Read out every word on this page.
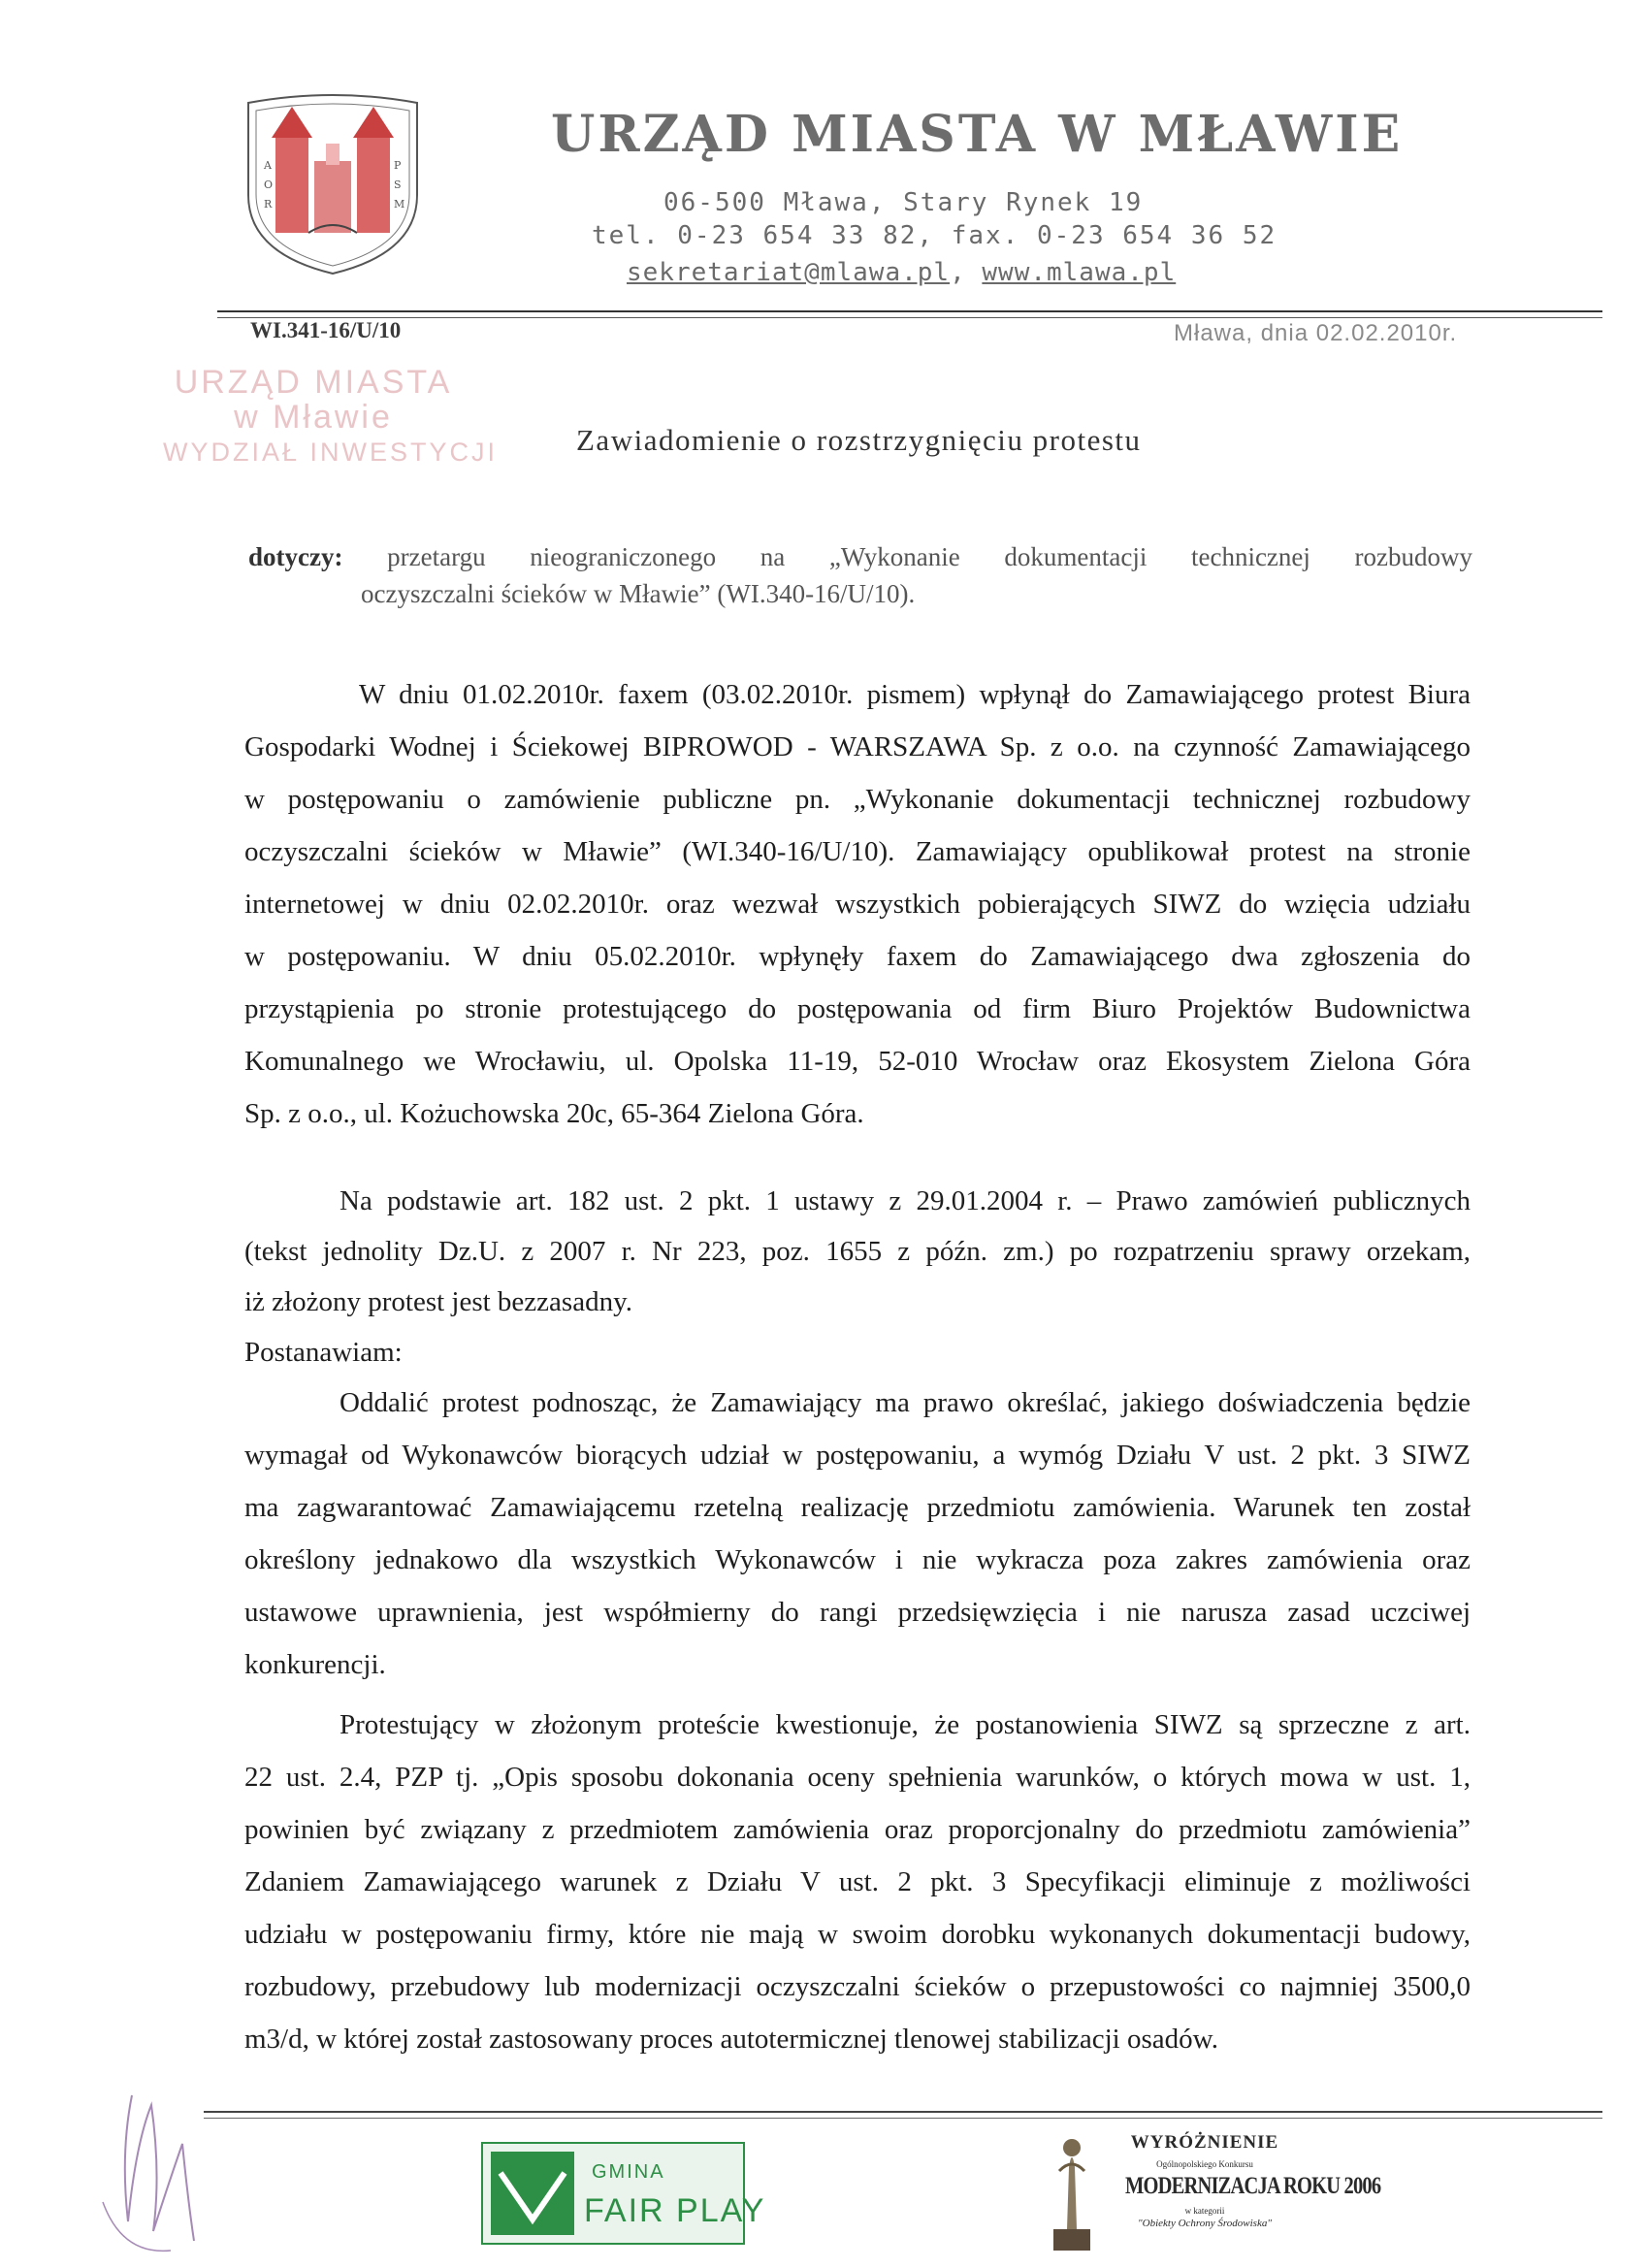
A
O
R
P
S
M
URZĄD MIASTA W MŁAWIE
06-500 Mława, Stary Rynek 19
tel. 0-23 654 33 82, fax. 0-23 654 36 52
sekretariat@mlawa.pl, www.mlawa.pl
WI.341-16/U/10	Mława, dnia 02.02.2010r.
URZĄD MIASTA
w Mławie
WYDZIAŁ INWESTYCJI	Zawiadomienie o rozstrzygnięciu protestu
dotyczy: przetargu nieograniczonego na „Wykonanie dokumentacji technicznej rozbudowy
oczyszczalni ścieków w Mławie” (WI.340-16/U/10).
W dniu 01.02.2010r. faxem (03.02.2010r. pismem) wpłynął do Zamawiającego protest Biura
Gospodarki Wodnej i Ściekowej BIPROWOD - WARSZAWA Sp. z o.o. na czynność Zamawiającego
w postępowaniu o zamówienie publiczne pn. „Wykonanie dokumentacji technicznej rozbudowy
oczyszczalni ścieków w Mławie” (WI.340-16/U/10). Zamawiający opublikował protest na stronie
internetowej w dniu 02.02.2010r. oraz wezwał wszystkich pobierających SIWZ do wzięcia udziału
w postępowaniu. W dniu 05.02.2010r. wpłynęły faxem do Zamawiającego dwa zgłoszenia do
przystąpienia po stronie protestującego do postępowania od firm Biuro Projektów Budownictwa
Komunalnego we Wrocławiu, ul. Opolska 11-19, 52-010 Wrocław oraz Ekosystem Zielona Góra
Sp. z o.o., ul. Kożuchowska 20c, 65-364 Zielona Góra.
Na podstawie art. 182 ust. 2 pkt. 1 ustawy z 29.01.2004 r. – Prawo zamówień publicznych
(tekst jednolity Dz.U. z 2007 r. Nr 223, poz. 1655 z późn. zm.) po rozpatrzeniu sprawy orzekam,
iż złożony protest jest bezzasadny.
Postanawiam:
Oddalić protest podnosząc, że Zamawiający ma prawo określać, jakiego doświadczenia będzie
wymagał od Wykonawców biorących udział w postępowaniu, a wymóg Działu V ust. 2 pkt. 3 SIWZ
ma zagwarantować Zamawiającemu rzetelną realizację przedmiotu zamówienia. Warunek ten został
określony jednakowo dla wszystkich Wykonawców i nie wykracza poza zakres zamówienia oraz
ustawowe uprawnienia, jest współmierny do rangi przedsięwzięcia i nie narusza zasad uczciwej
konkurencji.
Protestujący w złożonym proteście kwestionuje, że postanowienia SIWZ są sprzeczne z art.
22 ust. 2.4, PZP tj. „Opis sposobu dokonania oceny spełnienia warunków, o których mowa w ust. 1,
powinien być związany z przedmiotem zamówienia oraz proporcjonalny do przedmiotu zamówienia”
Zdaniem Zamawiającego warunek z Działu V ust. 2 pkt. 3 Specyfikacji eliminuje z możliwości
udziału w postępowaniu firmy, które nie mają w swoim dorobku wykonanych dokumentacji budowy,
rozbudowy, przebudowy lub modernizacji oczyszczalni ścieków o przepustowości co najmniej 3500,0
m3/d, w której został zastosowany proces autotermicznej tlenowej stabilizacji osadów.
GMINA
FAIR PLAY
WYRÓŻNIENIE
Ogólnopolskiego Konkursu
MODERNIZACJA ROKU 2006
w kategorii
"Obiekty Ochrony Środowiska"
